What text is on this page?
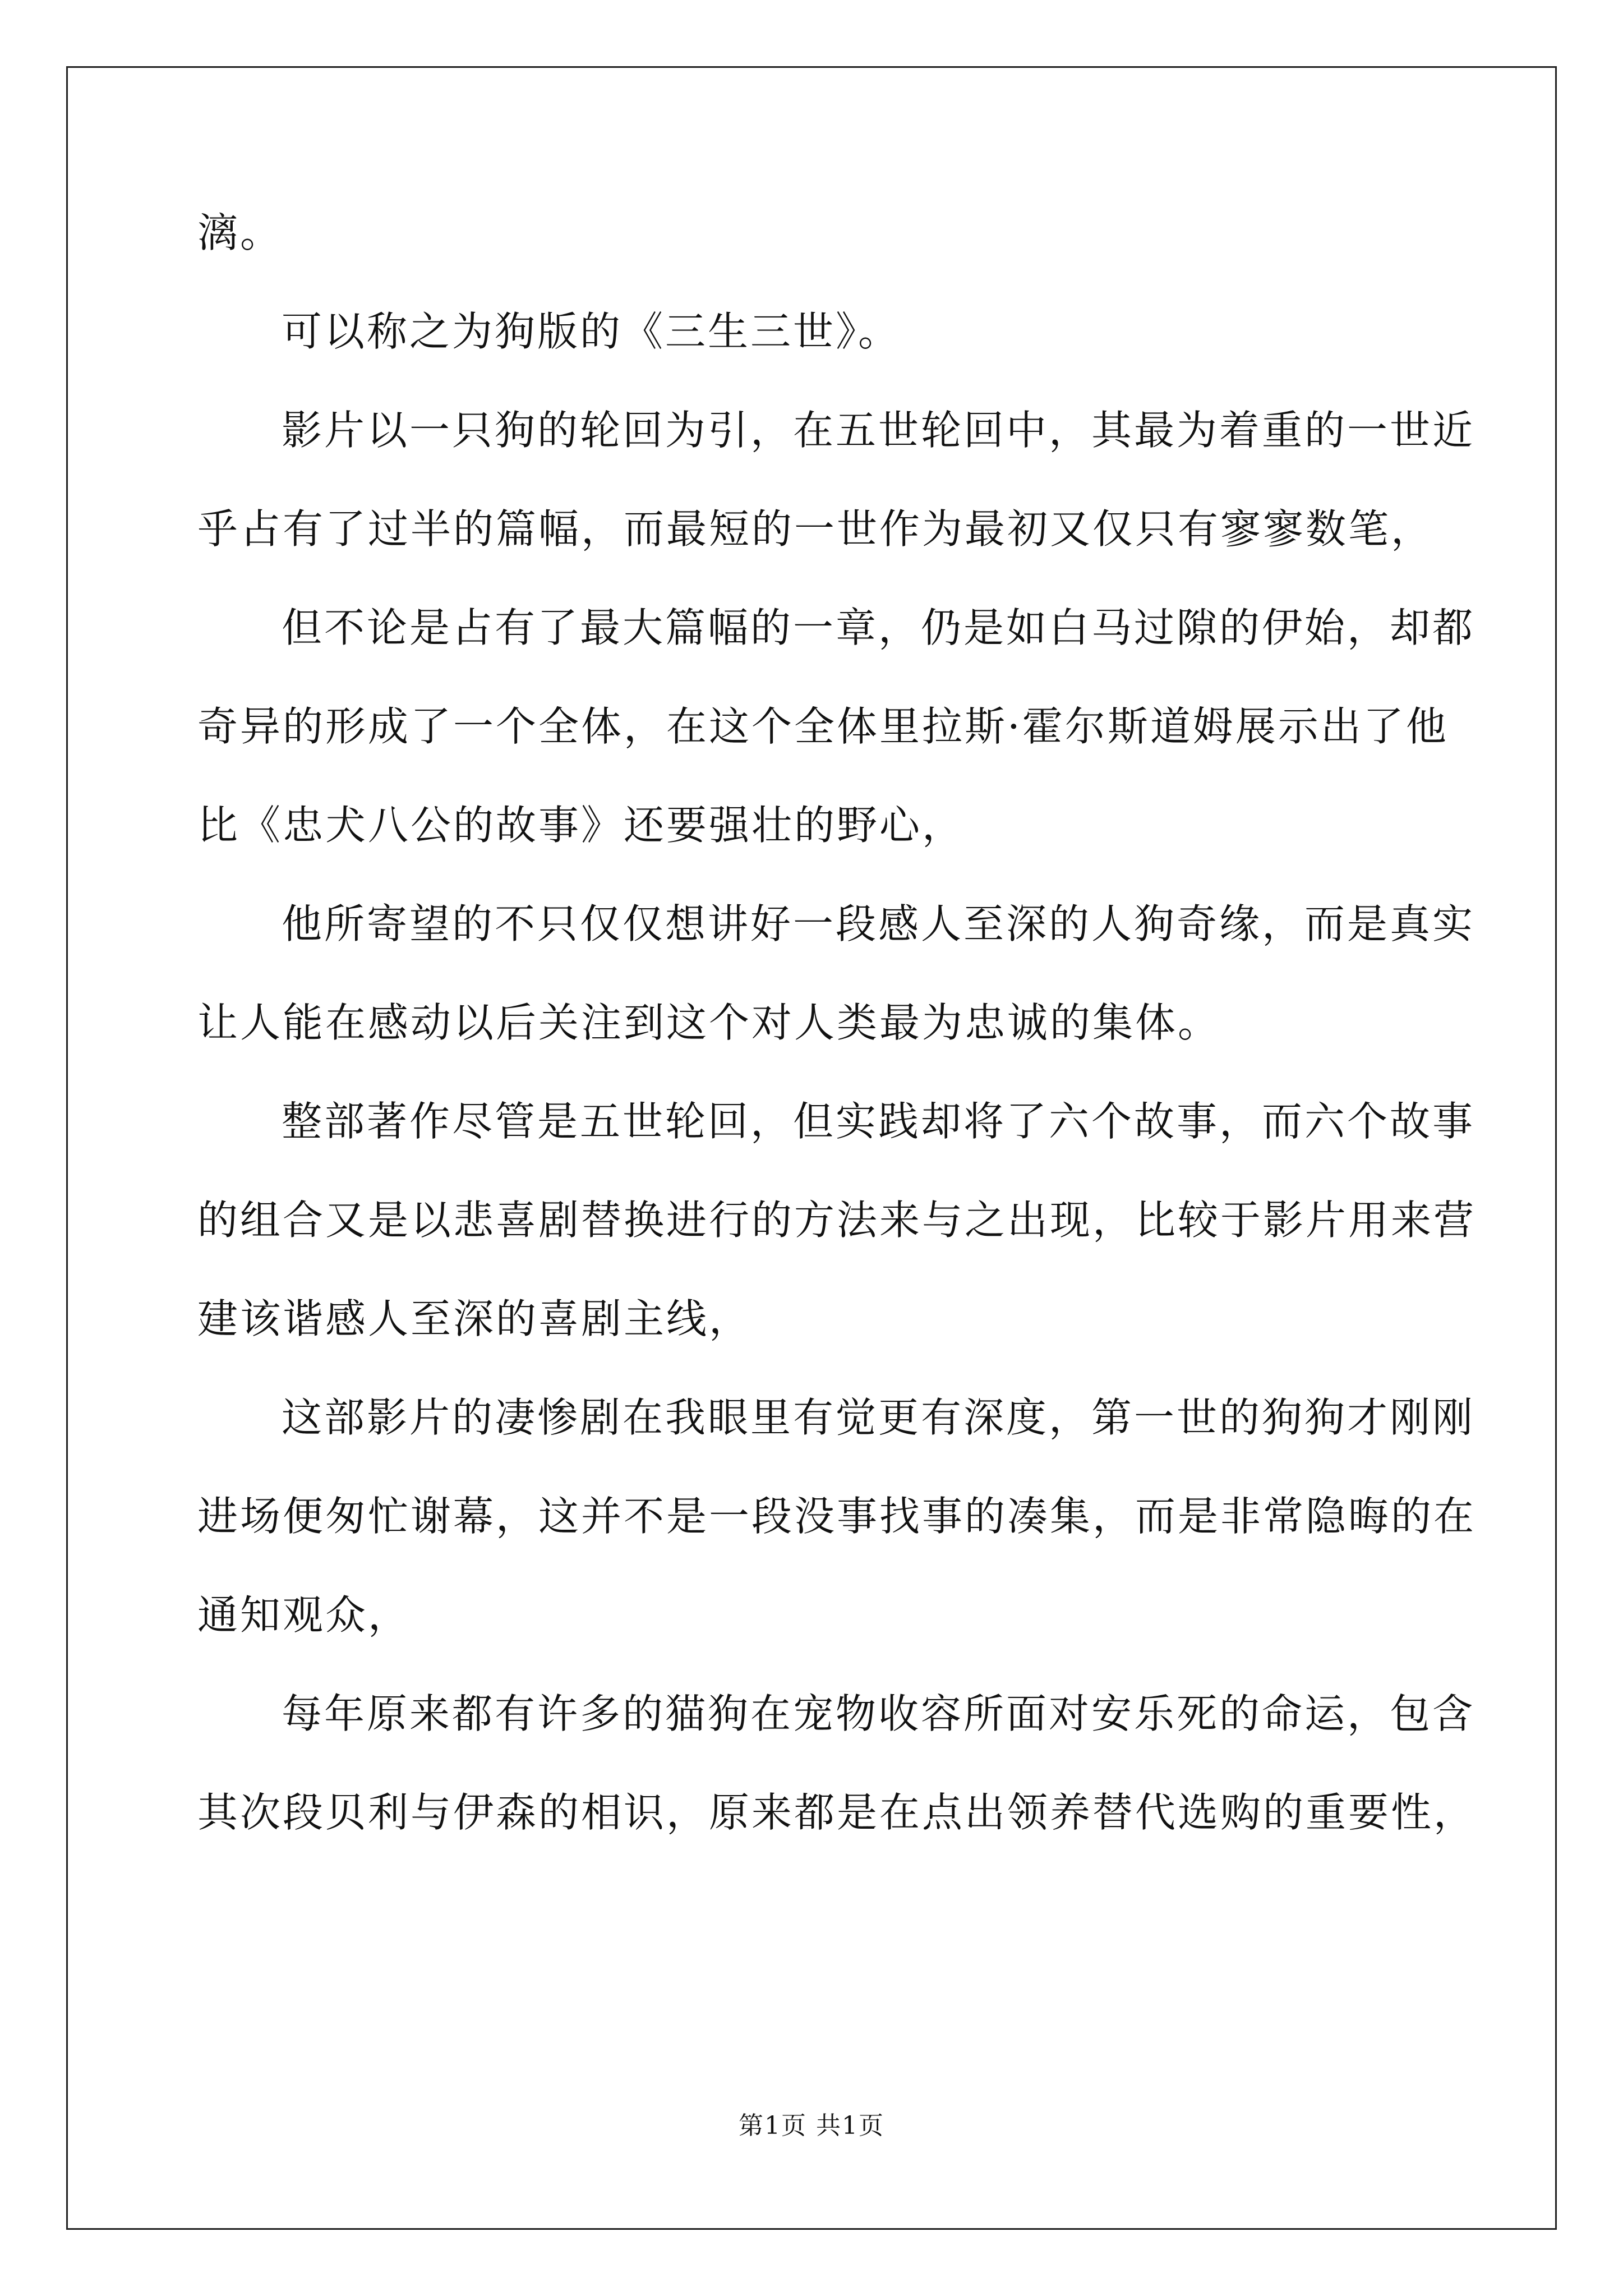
漓。
可以称之为狗版的《三生三世》。
影片以一只狗的轮回为引，在五世轮回中，其最为着重的一世近
乎占有了过半的篇幅，而最短的一世作为最初又仅只有寥寥数笔，
但不论是占有了最大篇幅的一章，仍是如白马过隙的伊始，却都
奇异的形成了一个全体，在这个全体里拉斯·霍尔斯道姆展示出了他
比《忠犬八公的故事》还要强壮的野心，
他所寄望的不只仅仅想讲好一段感人至深的人狗奇缘，而是真实
让人能在感动以后关注到这个对人类最为忠诚的集体。
整部著作尽管是五世轮回，但实践却将了六个故事，而六个故事
的组合又是以悲喜剧替换进行的方法来与之出现，比较于影片用来营
建该谐感人至深的喜剧主线，
这部影片的凄惨剧在我眼里有觉更有深度，第一世的狗狗才刚刚
进场便匆忙谢幕，这并不是一段没事找事的凑集，而是非常隐晦的在
通知观众，
每年原来都有许多的猫狗在宠物收容所面对安乐死的命运，包含
其次段贝利与伊森的相识，原来都是在点出领养替代选购的重要性，
第1页 共1页
